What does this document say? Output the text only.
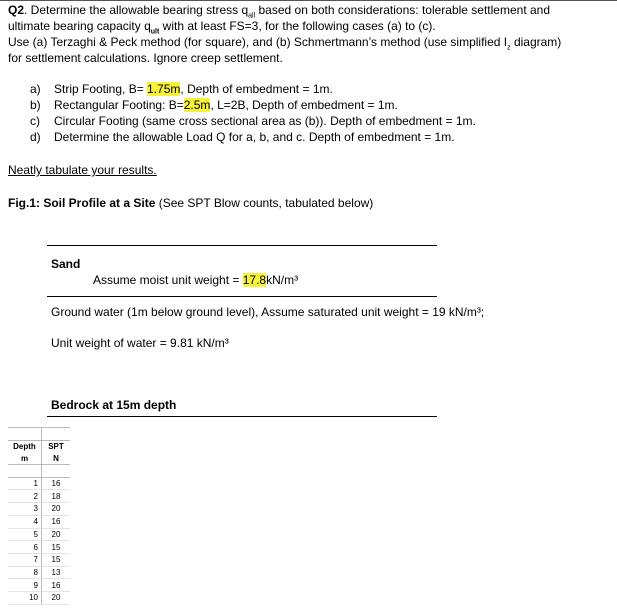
Q2. Determine the allowable bearing stress $q_{all}$ based on both considerations: tolerable settlement and
ultimate bearing capacity $q_{ult}$ with at least FS=3, for the following cases (a) to (c).
Use (a) Terzaghi & Peck method (for square), and (b) Schmertmann’s method (use simplified $I_z$ diagram)
for settlement calculations. Ignore creep settlement.
a) Strip Footing, B= 1.75m, Depth of embedment = 1m.
b) Rectangular Footing: B=2.5m, L=2B, Depth of embedment = 1m.
c) Circular Footing (same cross sectional area as (b)). Depth of embedment = 1m.
d) Determine the allowable Load Q for a, b, and c. Depth of embedment = 1m.
Neatly tabulate your results.
Fig.1: Soil Profile at a Site (See SPT Blow counts, tabulated below)
Sand
Assume moist unit weight = 17.8kN/m³
Ground water (1m below ground level), Assume saturated unit weight = 19 kN/m³;
Unit weight of water = 9.81 kN/m³
Bedrock at 15m depth

Depth	SPT
m	N

1	16
2	18
3	20
4	16
5	20
6	15
7	15
8	13
9	16
10	20
